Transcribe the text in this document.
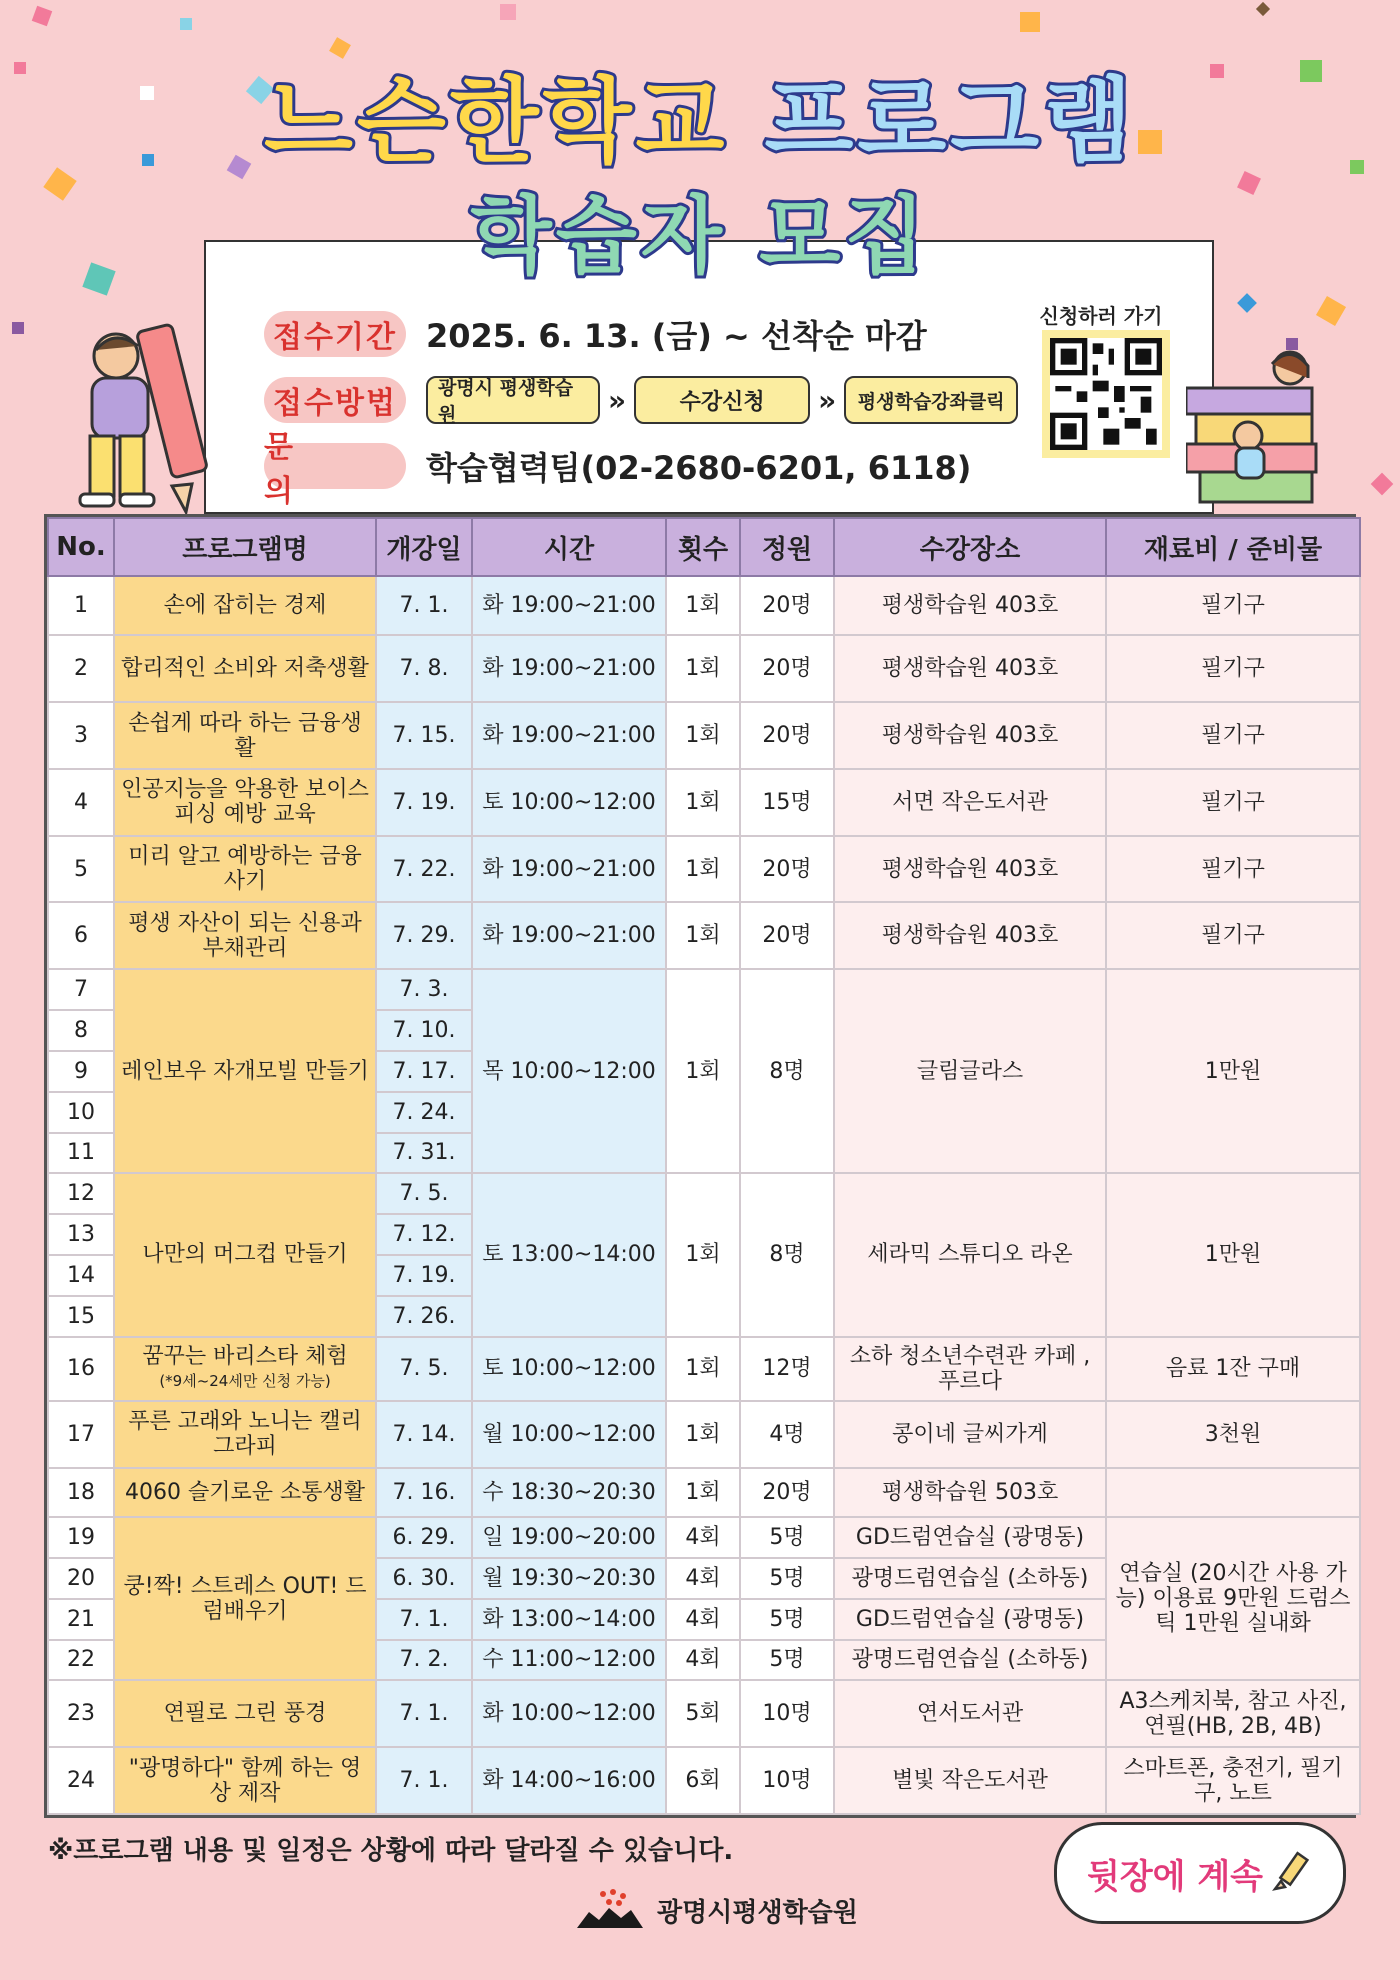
느슨한학교 프로그램
접수기간 2025. 6. 13. (금) ~ 선착순 마감
접수방법	광명시 평생학습원	»	수강신청	»	평생학습강좌클릭
문 의
학습협력팀(02-2680-6201, 6118)
신청하러 가기
학습자 모집
No.	프로그램명	개강일	시간	횟수	정원	수강장소	재료비 / 준비물
1	손에 잡히는 경제	7. 1.	화 19:00~21:00	1회	20명	평생학습원 403호	필기구
2	합리적인 소비와 저축생활	7. 8.	화 19:00~21:00	1회	20명	평생학습원 403호	필기구
3	손쉽게 따라 하는 금융생활	7. 15.	화 19:00~21:00	1회	20명	평생학습원 403호	필기구
4	인공지능을 악용한 보이스피싱 예방 교육	7. 19.	토 10:00~12:00	1회	15명	서면 작은도서관	필기구
5	미리 알고 예방하는 금융사기	7. 22.	화 19:00~21:00	1회	20명	평생학습원 403호	필기구
6	평생 자산이 되는 신용과 부채관리	7. 29.	화 19:00~21:00	1회	20명	평생학습원 403호	필기구
7	레인보우 자개모빌 만들기	7. 3.	목 10:00~12:00	1회	8명	글림글라스	1만원
8		7. 10.					
9		7. 17.					
10		7. 24.					
11		7. 31.					
12	나만의 머그컵 만들기	7. 5.	토 13:00~14:00	1회	8명	세라믹 스튜디오 라온	1만원
13		7. 12.					
14		7. 19.					
15		7. 26.					
16	꿈꾸는 바리스타 체험
(*9세~24세만 신청 가능)	7. 5.	토 10:00~12:00	1회	12명	소하 청소년수련관 카페 , 푸르다	음료 1잔 구매
17	푸른 고래와 노니는 캘리그라피	7. 14.	월 10:00~12:00	1회	4명	콩이네 글씨가게	3천원
18	4060 슬기로운 소통생활	7. 16.	수 18:30~20:30	1회	20명	평생학습원 503호	
19	쿵!짝! 스트레스 OUT! 드럼배우기	6. 29.	일 19:00~20:00	4회	5명	GD드럼연습실 (광명동)	연습실 (20시간 사용 가능) 이용료 9만원 드럼스틱 1만원 실내화
20		6. 30.	월 19:30~20:30	4회	5명	광명드럼연습실 (소하동)	
21		7. 1.	화 13:00~14:00	4회	5명	GD드럼연습실 (광명동)	
22		7. 2.	수 11:00~12:00	4회	5명	광명드럼연습실 (소하동)	
23	연필로 그린 풍경	7. 1.	화 10:00~12:00	5회	10명	연서도서관	A3스케치북, 참고 사진, 연필(HB, 2B, 4B)
24	"광명하다" 함께 하는 영상 제작	7. 1.	화 14:00~16:00	6회	10명	별빛 작은도서관	스마트폰, 충전기, 필기구, 노트
※프로그램 내용 및 일정은 상황에 따라 달라질 수 있습니다.
뒷장에 계속
광명시평생학습원
